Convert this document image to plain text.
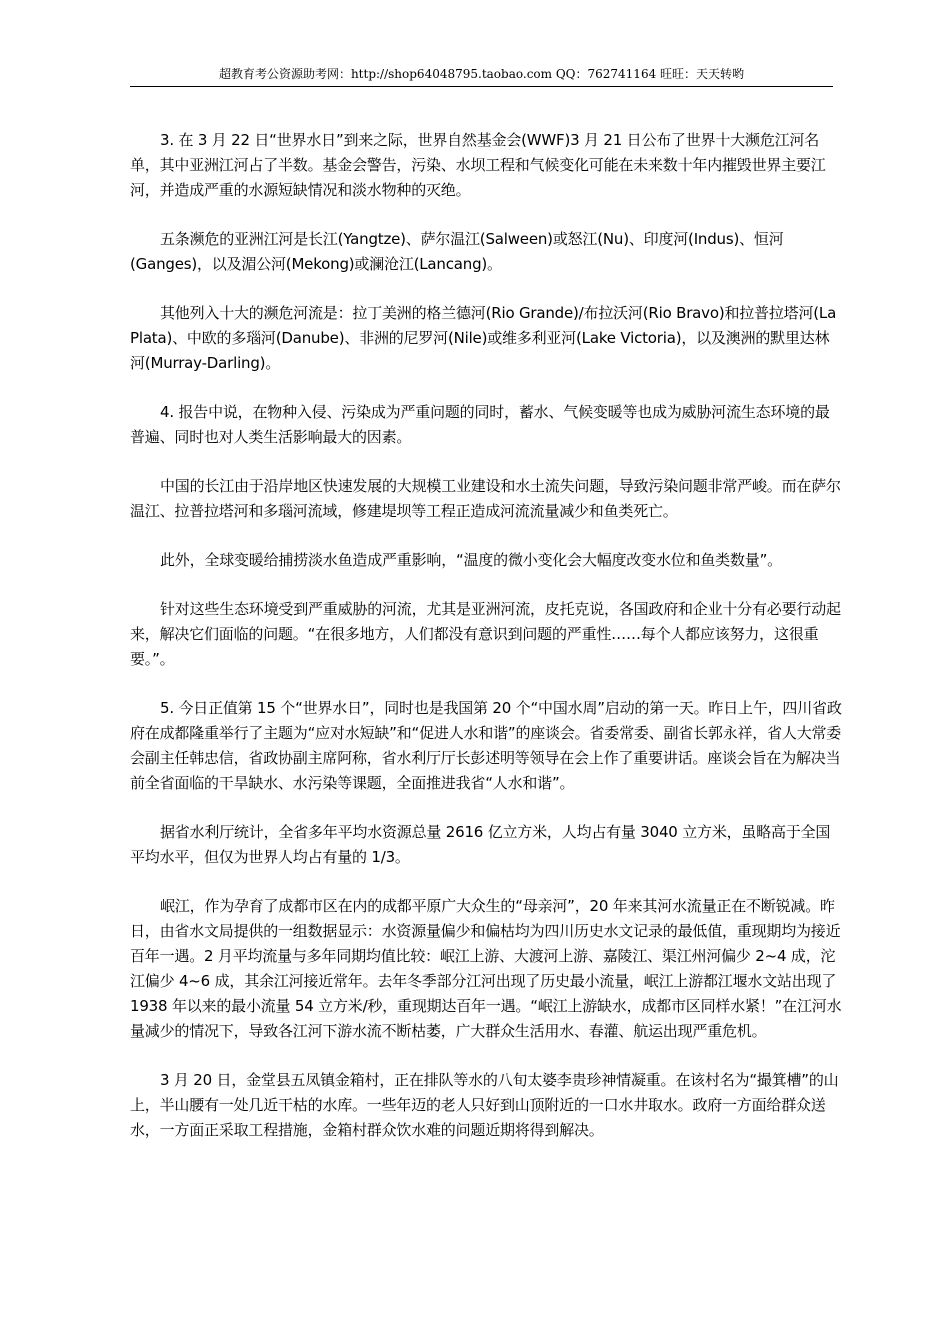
超教育考公资源助考网：http://shop64048795.taobao.com QQ：762741164 旺旺：天天转哟

3. 在 3 月 22 日“世界水日”到来之际，世界自然基金会(WWF)3 月 21 日公布了世界十大濒危江河名单，其中亚洲江河占了半数。基金会警告，污染、水坝工程和气候变化可能在未来数十年内摧毁世界主要江河，并造成严重的水源短缺情况和淡水物种的灭绝。

五条濒危的亚洲江河是长江(Yangtze)、萨尔温江(Salween)或怒江(Nu)、印度河(Indus)、恒河(Ganges)，以及湄公河(Mekong)或澜沧江(Lancang)。

其他列入十大的濒危河流是：拉丁美洲的格兰德河(Rio Grande)/布拉沃河(Rio Bravo)和拉普拉塔河(La Plata)、中欧的多瑙河(Danube)、非洲的尼罗河(Nile)或维多利亚河(Lake Victoria)，以及澳洲的默里达林河(Murray-Darling)。

4. 报告中说，在物种入侵、污染成为严重问题的同时，蓄水、气候变暖等也成为威胁河流生态环境的最普遍、同时也对人类生活影响最大的因素。

中国的长江由于沿岸地区快速发展的大规模工业建设和水土流失问题，导致污染问题非常严峻。而在萨尔温江、拉普拉塔河和多瑙河流域，修建堤坝等工程正造成河流流量减少和鱼类死亡。

此外，全球变暖给捕捞淡水鱼造成严重影响，“温度的微小变化会大幅度改变水位和鱼类数量”。

针对这些生态环境受到严重威胁的河流，尤其是亚洲河流，皮托克说，各国政府和企业十分有必要行动起来，解决它们面临的问题。“在很多地方，人们都没有意识到问题的严重性……每个人都应该努力，这很重要。”。

5. 今日正值第 15 个“世界水日”，同时也是我国第 20 个“中国水周”启动的第一天。昨日上午，四川省政府在成都隆重举行了主题为“应对水短缺”和“促进人水和谐”的座谈会。省委常委、副省长郭永祥，省人大常委会副主任韩忠信，省政协副主席阿称，省水利厅厅长彭述明等领导在会上作了重要讲话。座谈会旨在为解决当前全省面临的干旱缺水、水污染等课题，全面推进我省“人水和谐”。

据省水利厅统计，全省多年平均水资源总量 2616 亿立方米，人均占有量 3040 立方米，虽略高于全国平均水平，但仅为世界人均占有量的 1/3。

岷江，作为孕育了成都市区在内的成都平原广大众生的“母亲河”，20 年来其河水流量正在不断锐减。昨日，由省水文局提供的一组数据显示：水资源量偏少和偏枯均为四川历史水文记录的最低值，重现期均为接近百年一遇。2 月平均流量与多年同期均值比较：岷江上游、大渡河上游、嘉陵江、渠江州河偏少 2~4 成，沱江偏少 4~6 成，其余江河接近常年。去年冬季部分江河出现了历史最小流量，岷江上游都江堰水文站出现了 1938 年以来的最小流量 54 立方米/秒，重现期达百年一遇。“岷江上游缺水，成都市区同样水紧！”在江河水量减少的情况下，导致各江河下游水流不断枯萎，广大群众生活用水、春灌、航运出现严重危机。

3 月 20 日，金堂县五凤镇金箱村，正在排队等水的八旬太婆李贵珍神情凝重。在该村名为“撮箕槽”的山上，半山腰有一处几近干枯的水库。一些年迈的老人只好到山顶附近的一口水井取水。政府一方面给群众送水，一方面正采取工程措施，金箱村群众饮水难的问题近期将得到解决。
